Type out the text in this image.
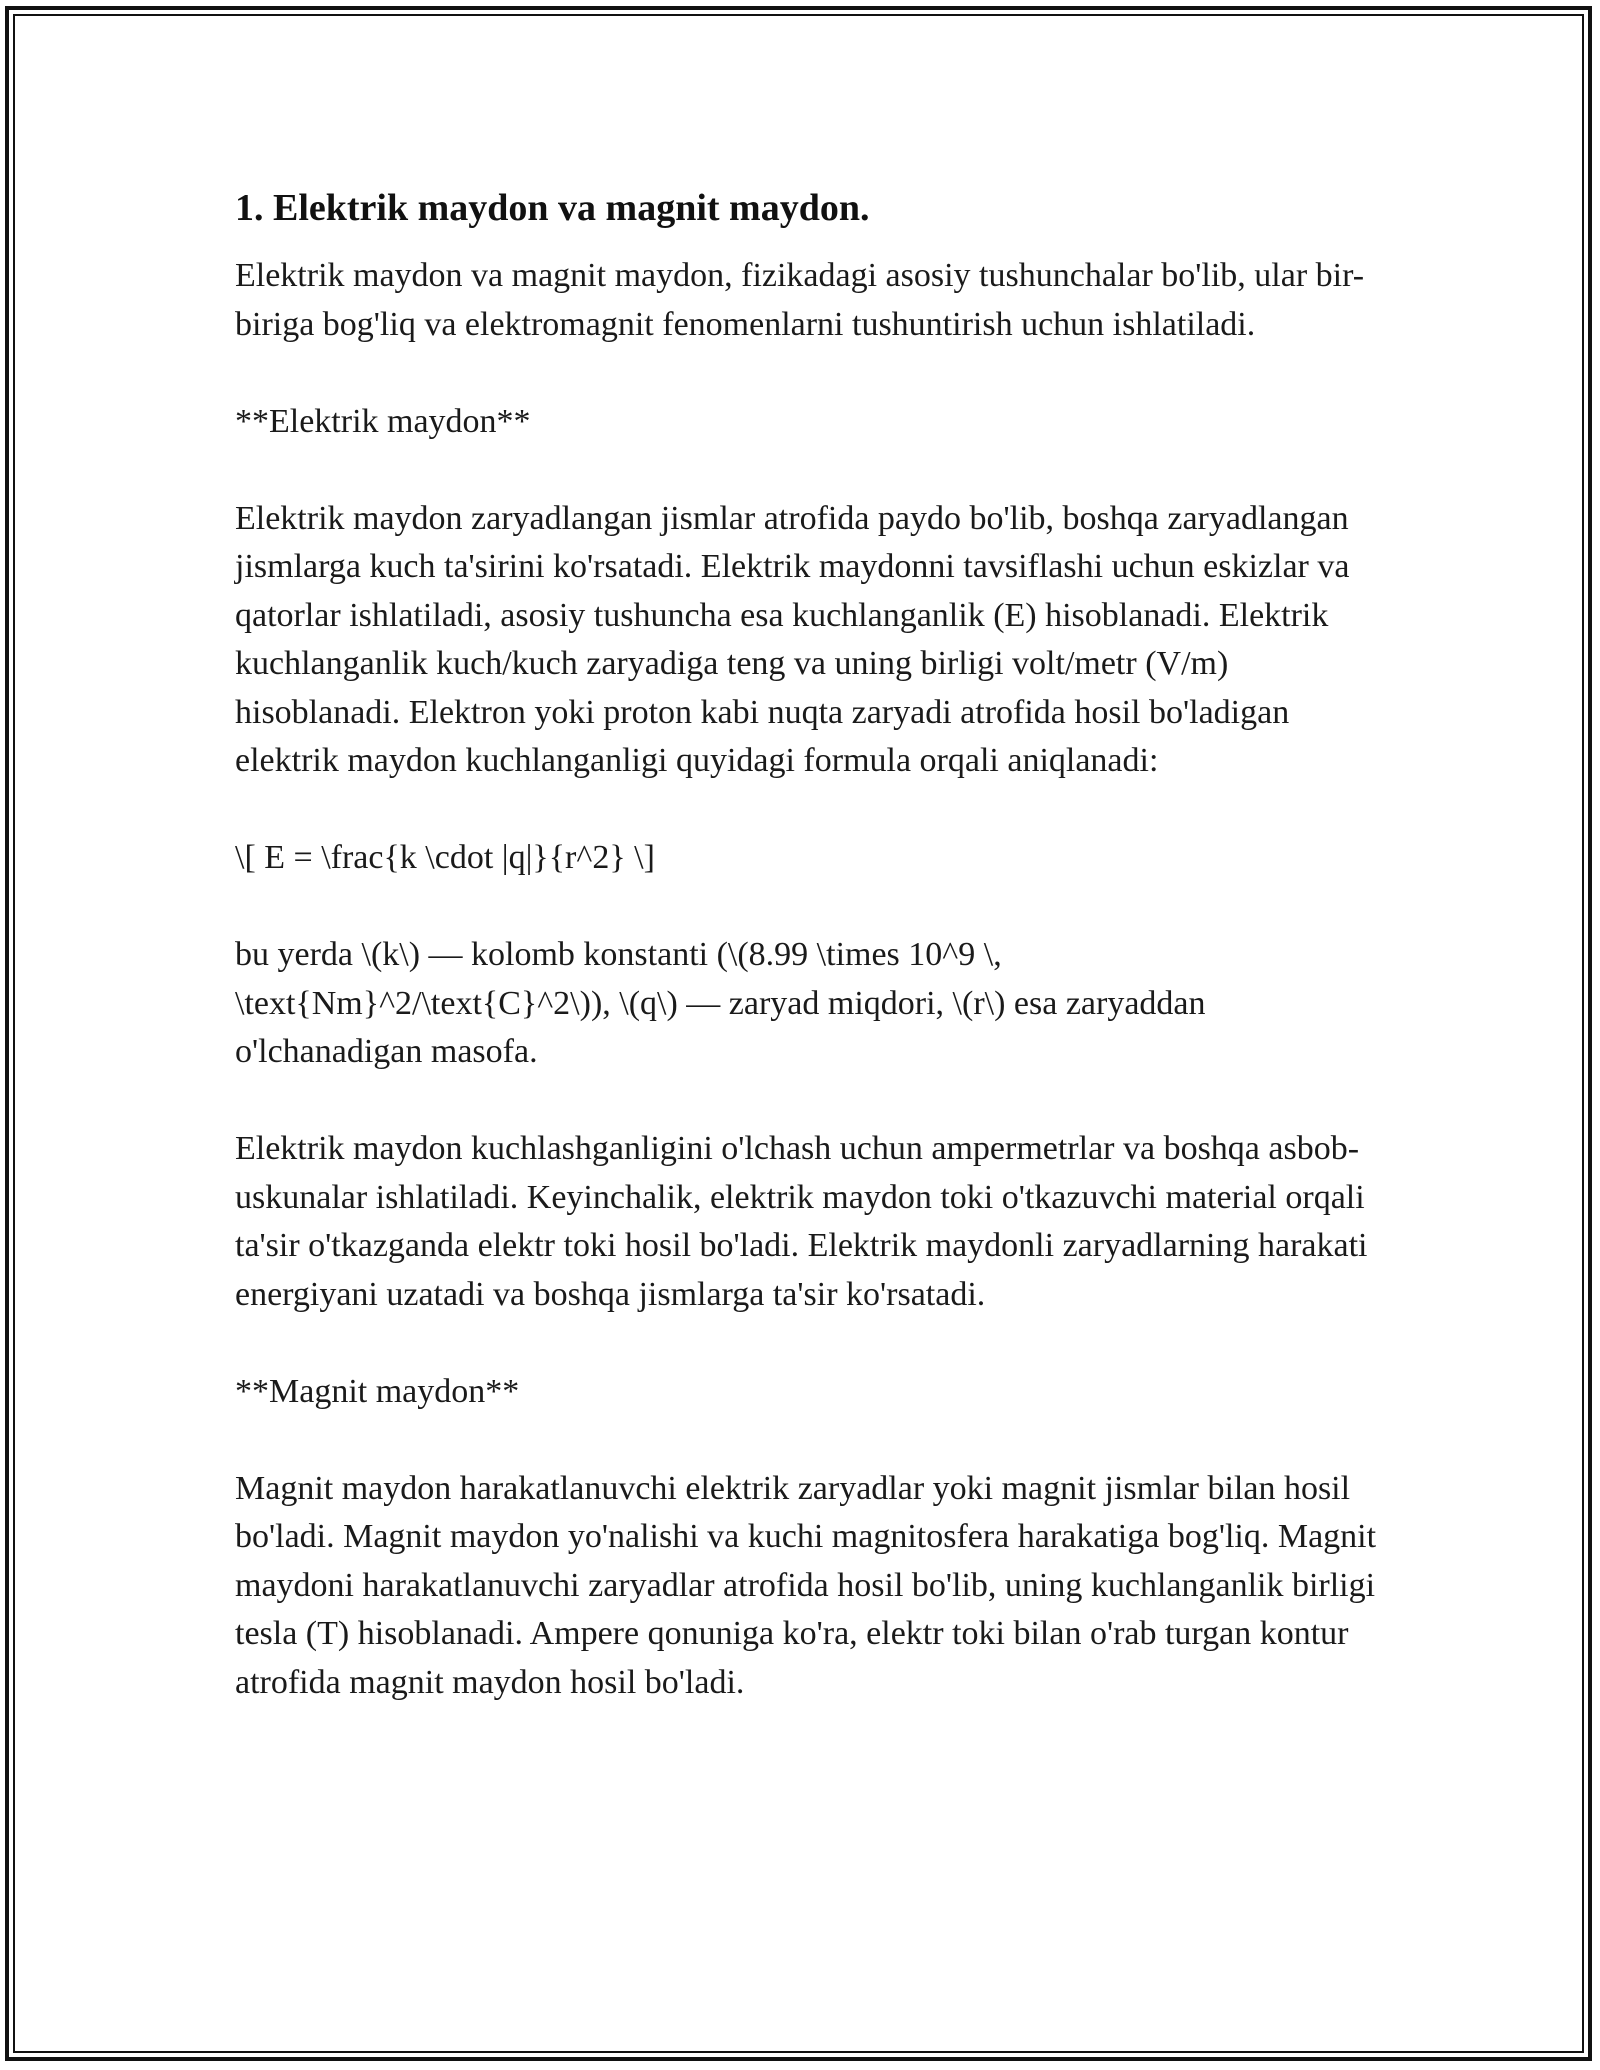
1. Elektrik maydon va magnit maydon.

Elektrik maydon va magnit maydon, fizikadagi asosiy tushunchalar bo'lib, ular bir-biriga bog'liq va elektromagnit fenomenlarni tushuntirish uchun ishlatiladi.

**Elektrik maydon**

Elektrik maydon zaryadlangan jismlar atrofida paydo bo'lib, boshqa zaryadlangan jismlarga kuch ta'sirini ko'rsatadi. Elektrik maydonni tavsiflashi uchun eskizlar va qatorlar ishlatiladi, asosiy tushuncha esa kuchlanganlik (E) hisoblanadi. Elektrik kuchlanganlik kuch/kuch zaryadiga teng va uning birligi volt/metr (V/m) hisoblanadi. Elektron yoki proton kabi nuqta zaryadi atrofida hosil bo'ladigan elektrik maydon kuchlanganligi quyidagi formula orqali aniqlanadi:

\[ E = \frac{k \cdot |q|}{r^2} \]

bu yerda \(k\) — kolomb konstanti (\(8.99 \times 10^9 \, \text{Nm}^2/\text{C}^2\)), \(q\) — zaryad miqdori, \(r\) esa zaryaddan o'lchanadigan masofa.

Elektrik maydon kuchlashganligini o'lchash uchun ampermetrlar va boshqa asbob-uskunalar ishlatiladi. Keyinchalik, elektrik maydon toki o'tkazuvchi material orqali ta'sir o'tkazganda elektr toki hosil bo'ladi. Elektrik maydonli zaryadlarning harakati energiyani uzatadi va boshqa jismlarga ta'sir ko'rsatadi.

**Magnit maydon**

Magnit maydon harakatlanuvchi elektrik zaryadlar yoki magnit jismlar bilan hosil bo'ladi. Magnit maydon yo'nalishi va kuchi magnitosfera harakatiga bog'liq. Magnit maydoni harakatlanuvchi zaryadlar atrofida hosil bo'lib, uning kuchlanganlik birligi tesla (T) hisoblanadi. Ampere qonuniga ko'ra, elektr toki bilan o'rab turgan kontur atrofida magnit maydon hosil bo'ladi.
